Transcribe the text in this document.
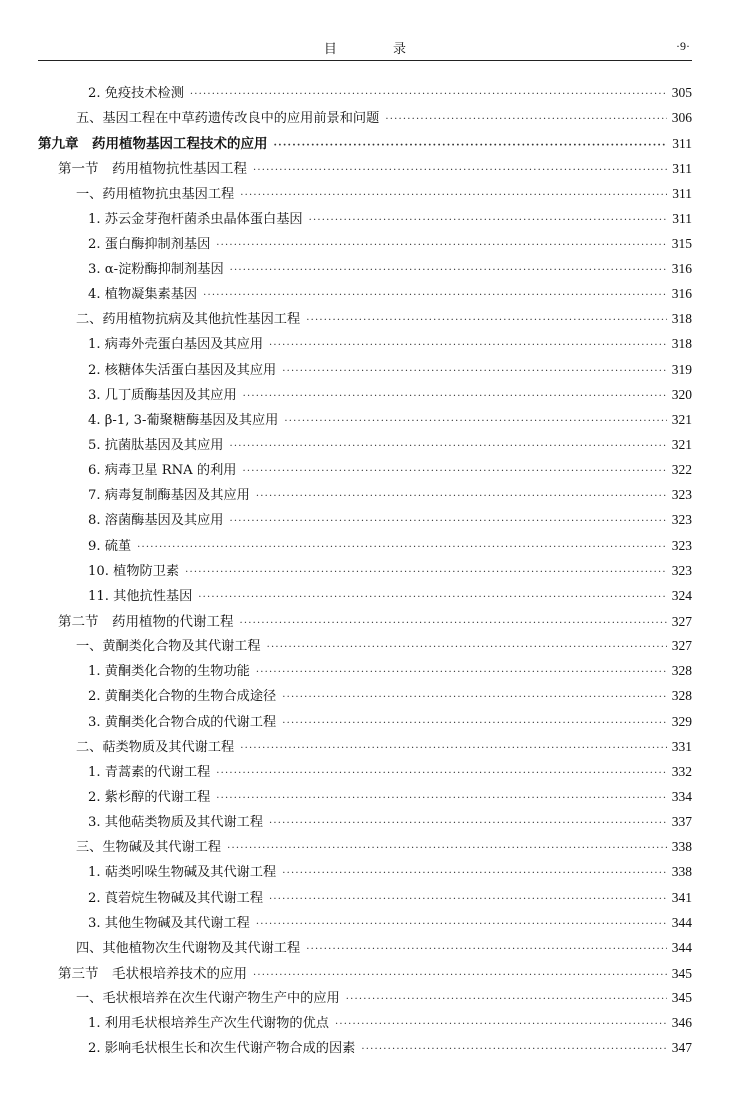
目 录	·9·
2. 免疫技术检测 ·····	305
五、基因工程在中草药遗传改良中的应用前景和问题 ·····	306
第九章　药用植物基因工程技术的应用 ·····	311
第一节　药用植物抗性基因工程 ·····	311
一、药用植物抗虫基因工程 ·····	311
1. 苏云金芽孢杆菌杀虫晶体蛋白基因 ·····	311
2. 蛋白酶抑制剂基因 ·····	315
3. α-淀粉酶抑制剂基因 ·····	316
4. 植物凝集素基因 ·····	316
二、药用植物抗病及其他抗性基因工程 ·····	318
1. 病毒外壳蛋白基因及其应用 ·····	318
2. 核糖体失活蛋白基因及其应用 ·····	319
3. 几丁质酶基因及其应用 ·····	320
4. β-1, 3-葡聚糖酶基因及其应用 ·····	321
5. 抗菌肽基因及其应用 ·····	321
6. 病毒卫星 RNA 的利用 ·····	322
7. 病毒复制酶基因及其应用 ·····	323
8. 溶菌酶基因及其应用 ·····	323
9. 硫堇 ·····	323
10. 植物防卫素 ·····	323
11. 其他抗性基因 ·····	324
第二节　药用植物的代谢工程 ·····	327
一、黄酮类化合物及其代谢工程 ·····	327
1. 黄酮类化合物的生物功能 ·····	328
2. 黄酮类化合物的生物合成途径 ·····	328
3. 黄酮类化合物合成的代谢工程 ·····	329
二、萜类物质及其代谢工程 ·····	331
1. 青蒿素的代谢工程 ·····	332
2. 紫杉醇的代谢工程 ·····	334
3. 其他萜类物质及其代谢工程 ·····	337
三、生物碱及其代谢工程 ·····	338
1. 萜类吲哚生物碱及其代谢工程 ·····	338
2. 莨菪烷生物碱及其代谢工程 ·····	341
3. 其他生物碱及其代谢工程 ·····	344
四、其他植物次生代谢物及其代谢工程 ·····	344
第三节　毛状根培养技术的应用 ·····	345
一、毛状根培养在次生代谢产物生产中的应用 ·····	345
1. 利用毛状根培养生产次生代谢物的优点 ·····	346
2. 影响毛状根生长和次生代谢产物合成的因素 ·····	347
